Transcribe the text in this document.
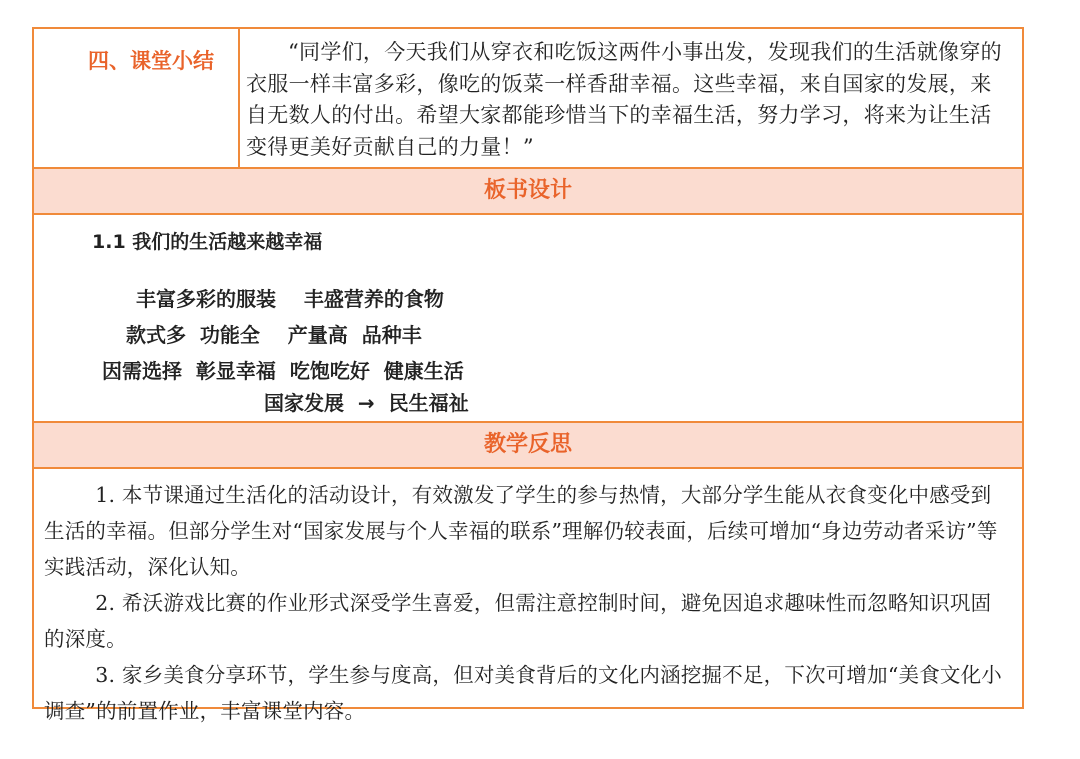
四、课堂小结	“同学们，今天我们从穿衣和吃饭这两件小事出发，发现我们的生活就像穿的衣服一样丰富多彩，像吃的饭菜一样香甜幸福。这些幸福，来自国家的发展，来自无数人的付出。希望大家都能珍惜当下的幸福生活，努力学习，将来为让生活变得更美好贡献自己的力量！”
板书设计
1.1 我们的生活越来越幸福
丰富多彩的服装    丰盛营养的食物
款式多  功能全    产量高  品种丰
因需选择  彰显幸福  吃饱吃好  健康生活
国家发展  →  民生福祉
教学反思

1. 本节课通过生活化的活动设计，有效激发了学生的参与热情，大部分学生能从衣食变化中感受到生活的幸福。但部分学生对“国家发展与个人幸福的联系”理解仍较表面，后续可增加“身边劳动者采访”等实践活动，深化认知。

2. 希沃游戏比赛的作业形式深受学生喜爱，但需注意控制时间，避免因追求趣味性而忽略知识巩固的深度。

3. 家乡美食分享环节，学生参与度高，但对美食背后的文化内涵挖掘不足，下次可增加“美食文化小调查”的前置作业，丰富课堂内容。
